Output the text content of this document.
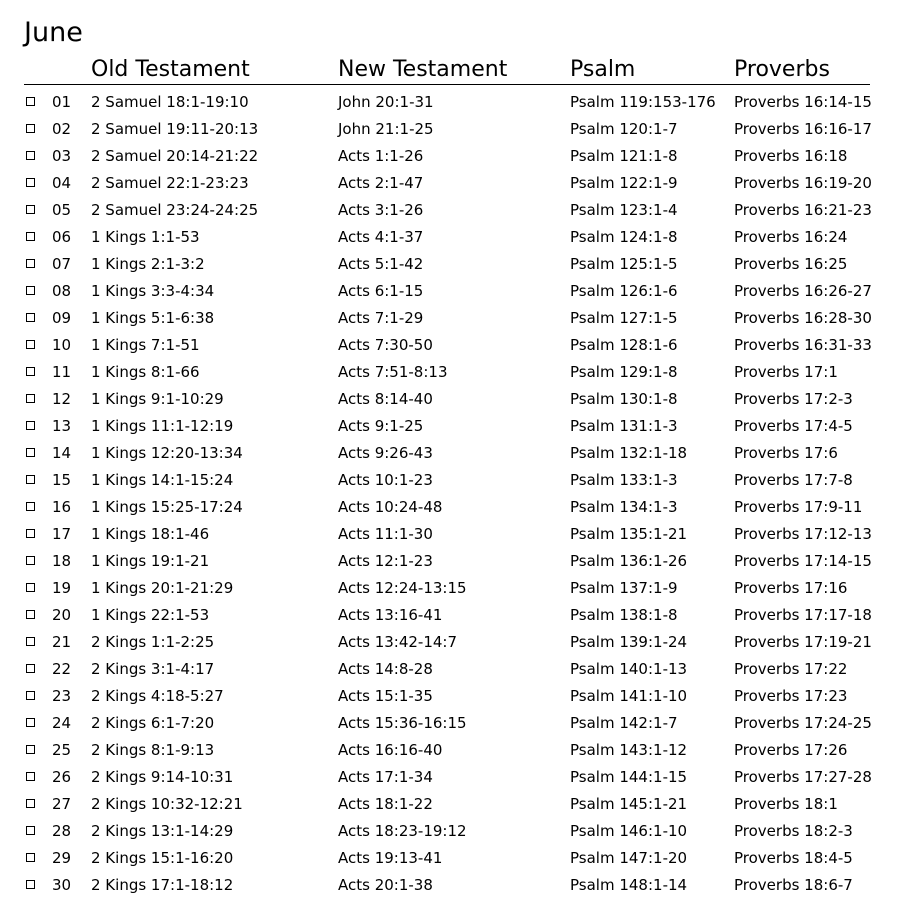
June
Old Testament	New Testament	Psalm	Proverbs
01 2 Samuel 18:1-19:10	John 20:1-31	Psalm 119:153-176 Proverbs 16:14-15
02 2 Samuel 19:11-20:13	John 21:1-25	Psalm 120:1-7	Proverbs 16:16-17
03 2 Samuel 20:14-21:22	Acts 1:1-26	Psalm 121:1-8	Proverbs 16:18
04 2 Samuel 22:1-23:23	Acts 2:1-47	Psalm 122:1-9	Proverbs 16:19-20
05 2 Samuel 23:24-24:25	Acts 3:1-26	Psalm 123:1-4	Proverbs 16:21-23
06 1 Kings 1:1-53	Acts 4:1-37	Psalm 124:1-8	Proverbs 16:24
07 1 Kings 2:1-3:2	Acts 5:1-42	Psalm 125:1-5	Proverbs 16:25
08 1 Kings 3:3-4:34	Acts 6:1-15	Psalm 126:1-6	Proverbs 16:26-27
09 1 Kings 5:1-6:38	Acts 7:1-29	Psalm 127:1-5	Proverbs 16:28-30
10 1 Kings 7:1-51	Acts 7:30-50	Psalm 128:1-6	Proverbs 16:31-33
11 1 Kings 8:1-66	Acts 7:51-8:13	Psalm 129:1-8	Proverbs 17:1
12 1 Kings 9:1-10:29	Acts 8:14-40	Psalm 130:1-8	Proverbs 17:2-3
13 1 Kings 11:1-12:19	Acts 9:1-25	Psalm 131:1-3	Proverbs 17:4-5
14 1 Kings 12:20-13:34	Acts 9:26-43	Psalm 132:1-18	Proverbs 17:6
15 1 Kings 14:1-15:24	Acts 10:1-23	Psalm 133:1-3	Proverbs 17:7-8
16 1 Kings 15:25-17:24	Acts 10:24-48	Psalm 134:1-3	Proverbs 17:9-11
17 1 Kings 18:1-46	Acts 11:1-30	Psalm 135:1-21	Proverbs 17:12-13
18 1 Kings 19:1-21	Acts 12:1-23	Psalm 136:1-26	Proverbs 17:14-15
19 1 Kings 20:1-21:29	Acts 12:24-13:15	Psalm 137:1-9	Proverbs 17:16
20 1 Kings 22:1-53	Acts 13:16-41	Psalm 138:1-8	Proverbs 17:17-18
21 2 Kings 1:1-2:25	Acts 13:42-14:7	Psalm 139:1-24	Proverbs 17:19-21
22 2 Kings 3:1-4:17	Acts 14:8-28	Psalm 140:1-13	Proverbs 17:22
23 2 Kings 4:18-5:27	Acts 15:1-35	Psalm 141:1-10	Proverbs 17:23
24 2 Kings 6:1-7:20	Acts 15:36-16:15	Psalm 142:1-7	Proverbs 17:24-25
25 2 Kings 8:1-9:13	Acts 16:16-40	Psalm 143:1-12	Proverbs 17:26
26 2 Kings 9:14-10:31	Acts 17:1-34	Psalm 144:1-15	Proverbs 17:27-28
27 2 Kings 10:32-12:21	Acts 18:1-22	Psalm 145:1-21	Proverbs 18:1
28 2 Kings 13:1-14:29	Acts 18:23-19:12	Psalm 146:1-10	Proverbs 18:2-3
29 2 Kings 15:1-16:20	Acts 19:13-41	Psalm 147:1-20	Proverbs 18:4-5
30 2 Kings 17:1-18:12	Acts 20:1-38	Psalm 148:1-14	Proverbs 18:6-7
